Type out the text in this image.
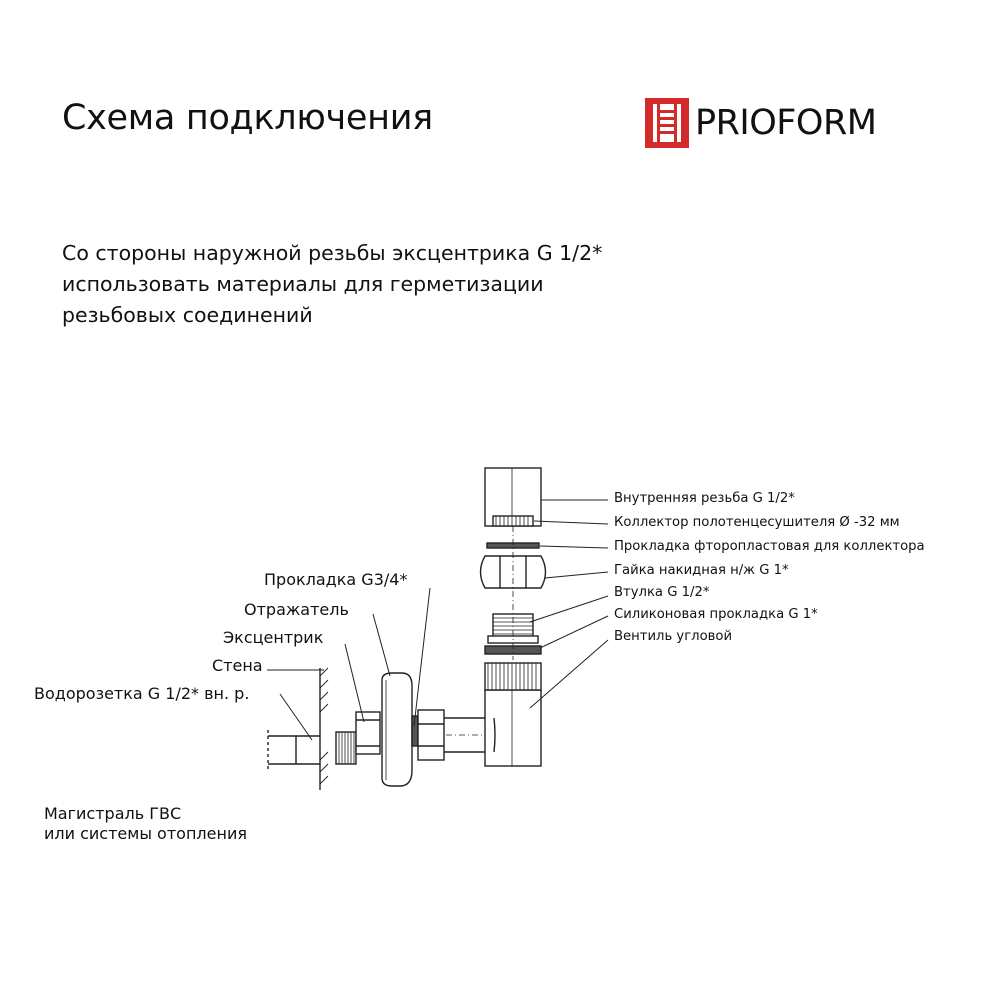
Схема подключения	PRIOFORM
Со стороны наружной резьбы эксцентрика G 1/2*
использовать материалы для герметизации
резьбовых соединений
Внутренняя резьба G 1/2*
Коллектор полотенцесушителя Ø -32 мм
Прокладка фторопластовая для коллектора
Гайка накидная н/ж G 1*
Втулка G 1/2*
Силиконовая прокладка G 1*
Вентиль угловой
Прокладка G3/4*
Отражатель
Эксцентрик
Стена
Водорозетка G 1/2* вн. р.
Магистраль ГВС
или системы отопления
